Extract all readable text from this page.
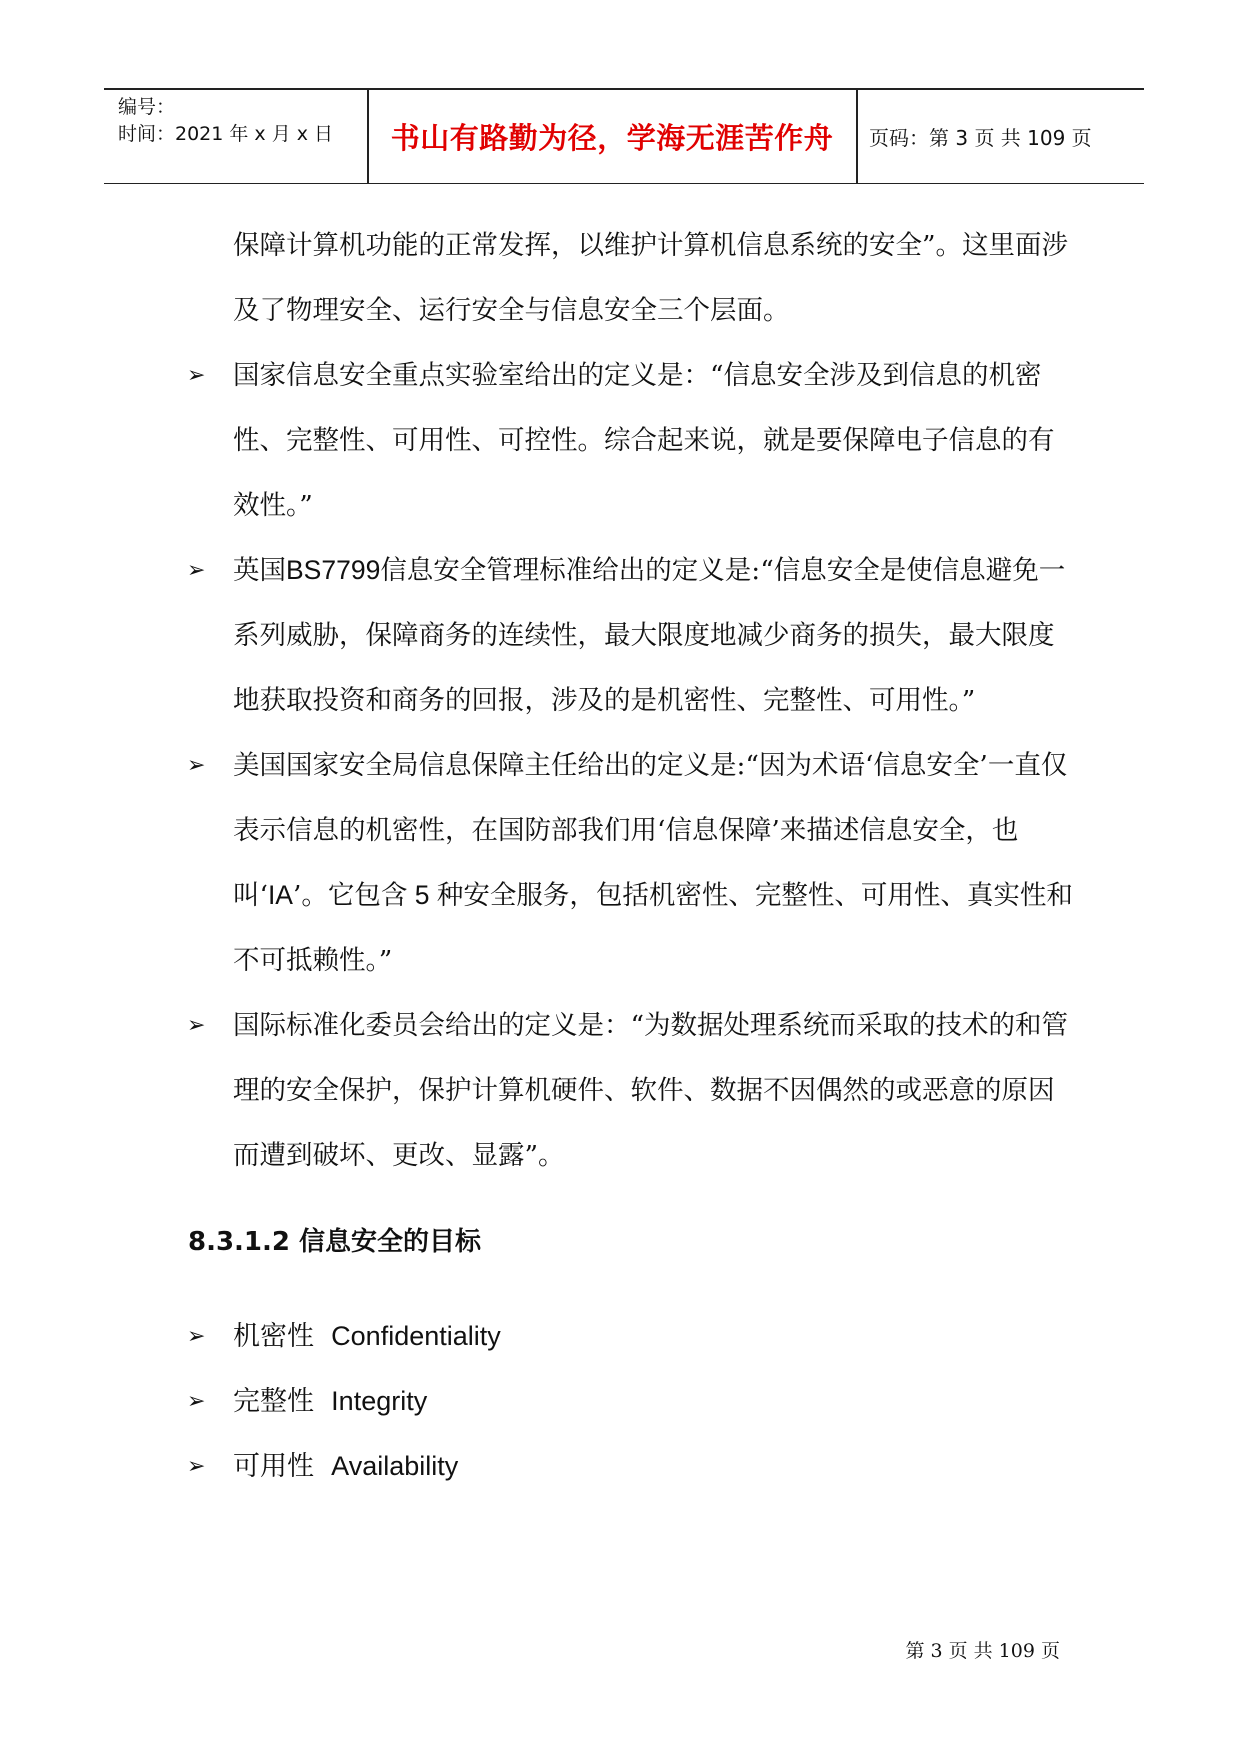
编号：
时间：2021 年 x 月 x 日	书山有路勤为径，学海无涯苦作舟	页码：第 3 页 共 109 页
保障计算机功能的正常发挥，以维护计算机信息系统的安全”。这里面涉及了物理安全、运行安全与信息安全三个层面。
➢ 国家信息安全重点实验室给出的定义是：“信息安全涉及到信息的机密性、完整性、可用性、可控性。综合起来说，就是要保障电子信息的有效性。”
➢ 英国BS7799信息安全管理标准给出的定义是:“信息安全是使信息避免一系列威胁，保障商务的连续性，最大限度地减少商务的损失，最大限度地获取投资和商务的回报，涉及的是机密性、完整性、可用性。”
➢ 美国国家安全局信息保障主任给出的定义是:“因为术语‘信息安全’一直仅表示信息的机密性，在国防部我们用‘信息保障’来描述信息安全，也叫‘IA’。它包含 5 种安全服务，包括机密性、完整性、可用性、真实性和不可抵赖性。”
➢ 国际标准化委员会给出的定义是：“为数据处理系统而采取的技术的和管理的安全保护，保护计算机硬件、软件、数据不因偶然的或恶意的原因而遭到破坏、更改、显露”。
8.3.1.2 信息安全的目标
➢ 机密性 Confidentiality
➢ 完整性 Integrity
➢ 可用性 Availability
第 3 页 共 109 页
